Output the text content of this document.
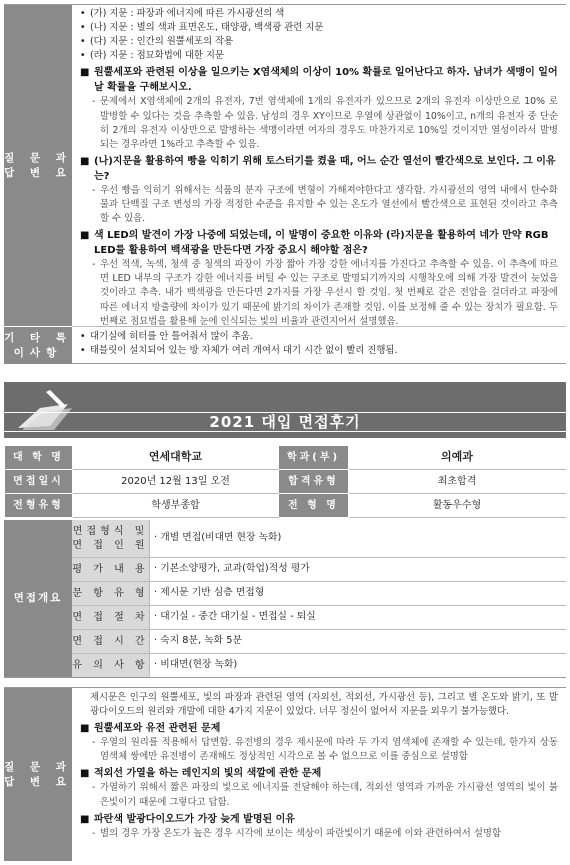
질 문 과 답 변 요
• (가) 지문 : 파장과 에너지에 따른 가시광선의 색
• (나) 지문 : 별의 색과 표면온도, 태양광, 백색광 관련 지문
• (다) 지문 : 인간의 원뿔세포의 작용
• (라) 지문 : 점묘화법에 대한 지문
■ 원뿔세포와 관련된 이상을 일으키는 X염색체의 이상이 10% 확률로 일어난다고 하자. 남녀가 색맹이 일어날 확률을 구해보시오.
- 문제에서 X염색체에 2개의 유전자, 7번 염색체에 1개의 유전자가 있으므로 2개의 유전자 이상만으로 10% 로 발병할 수 있다는 것을 추측할 수 있음. 남성의 경우 XY이므로 우열에 상관없이 10%이고, n개의 유전자 중 단순히 2개의 유전자 이상만으로 발병하는 색맹이라면 여자의 경우도 마찬가지로 10%일 것이지만 열성이라서 발병되는 경우라면 1%라고 추측할 수 있음.
■ (나)지문을 활용하여 빵을 익히기 위해 토스터기를 켰을 때, 어느 순간 열선이 빨간색으로 보인다. 그 이유는?
- 우선 빵을 익히기 위해서는 식품의 분자 구조에 변형이 가해져야한다고 생각함. 가시광선의 영역 내에서 탄수화물과 단백질 구조 변성의 가장 적정한 수준을 유지할 수 있는 온도가 열선에서 빨간색으로 표현된 것이라고 추측할 수 있음.
■ 색 LED의 발견이 가장 나중에 되었는데, 이 발명이 중요한 이유와 (라)지문을 활용하여 네가 만약 RGB LED를 활용하여 백색광을 만든다면 가장 중요시 해야할 점은?
- 우선 적색, 녹색, 청색 중 청색의 파장이 가장 짧아 가장 강한 에너지를 가진다고 추측할 수 있음. 이 추측에 따르면 LED 내부의 구조가 강한 에너지를 버틸 수 있는 구조로 발명되기까지의 시행착오에 의해 가장 발견이 늦었을 것이라고 추측. 내가 백색광을 만든다면 2가지를 가장 우선시 할 것임. 첫 번째로 같은 전압을 걸더라고 파장에 따른 에너지 방출량에 차이가 있기 때문에 밝기의 차이가 존재할 것임. 이를 보정해 줄 수 있는 장치가 필요함. 두 번째로 점묘법을 활용해 눈에 인식되는 빛의 비율과 관련지어서 설명했음.
기 타 특이사항
• 대기실에 히터를 안 틀어줘서 많이 추움.
• 태블릿이 설치되어 있는 방 자체가 여러 개여서 대기 시간 없이 빨리 진행됨.
2021 대입 면접후기
대 학 명	연세대학교	학과(부)	의예과
면접일시	2020년 12월 13일 오전	합격유형	최초합격
전형유형	학생부종합	전 형 명	활동우수형
면접개요
면접형식 및 면 접 인 원
· 개별 면접(비대면 현장 녹화)
평 가 내 용 · 기본소양평가, 교과(학업)적성 평가
문 항 유 형 · 제시문 기반 심층 면접형
면 접 절 차 · 대기실 - 중간 대기실 - 면접실 - 퇴실
면 접 시 간 · 숙지 8분, 녹화 5분
유 의 사 항 · 비대면(현장 녹화)
질 문 과 답 변 요
제시문은 인구의 원뿔세포, 빛의 파장과 관련된 영역 (자외선, 적외선, 가시광선 등), 그리고 별 온도와 밝기, 또 발광다이오드의 원리와 개발에 대한 4가지 지문이 있었다. 너무 정신이 없어서 지문을 외우기 불가능했다.
■ 원뿔세포와 유전 관련된 문제
- 우열의 원리를 적용해서 답변함. 유전병의 경우 제시문에 따라 두 가지 염색체에 존재할 수 있는데, 한가지 상동염색체 쌍에만 유전병이 존재해도 정상적인 시각으로 볼 수 없으므로 이를 중심으로 설명함
■ 적외선 가열을 하는 레인지의 빛의 색깔에 관한 문제
- 가열하기 위해서 짧은 파장의 빛으로 에너지를 전달해야 하는데, 적외선 영역과 가까운 가시광선 영역의 빛이 붉은빛이기 때문에 그렇다고 답함.
■ 파란색 발광다이오드가 가장 늦게 발명된 이유
- 별의 경우 가장 온도가 높은 경우 시각에 보이는 색상이 파란빛이기 때문에 이와 관련하여서 설명함
